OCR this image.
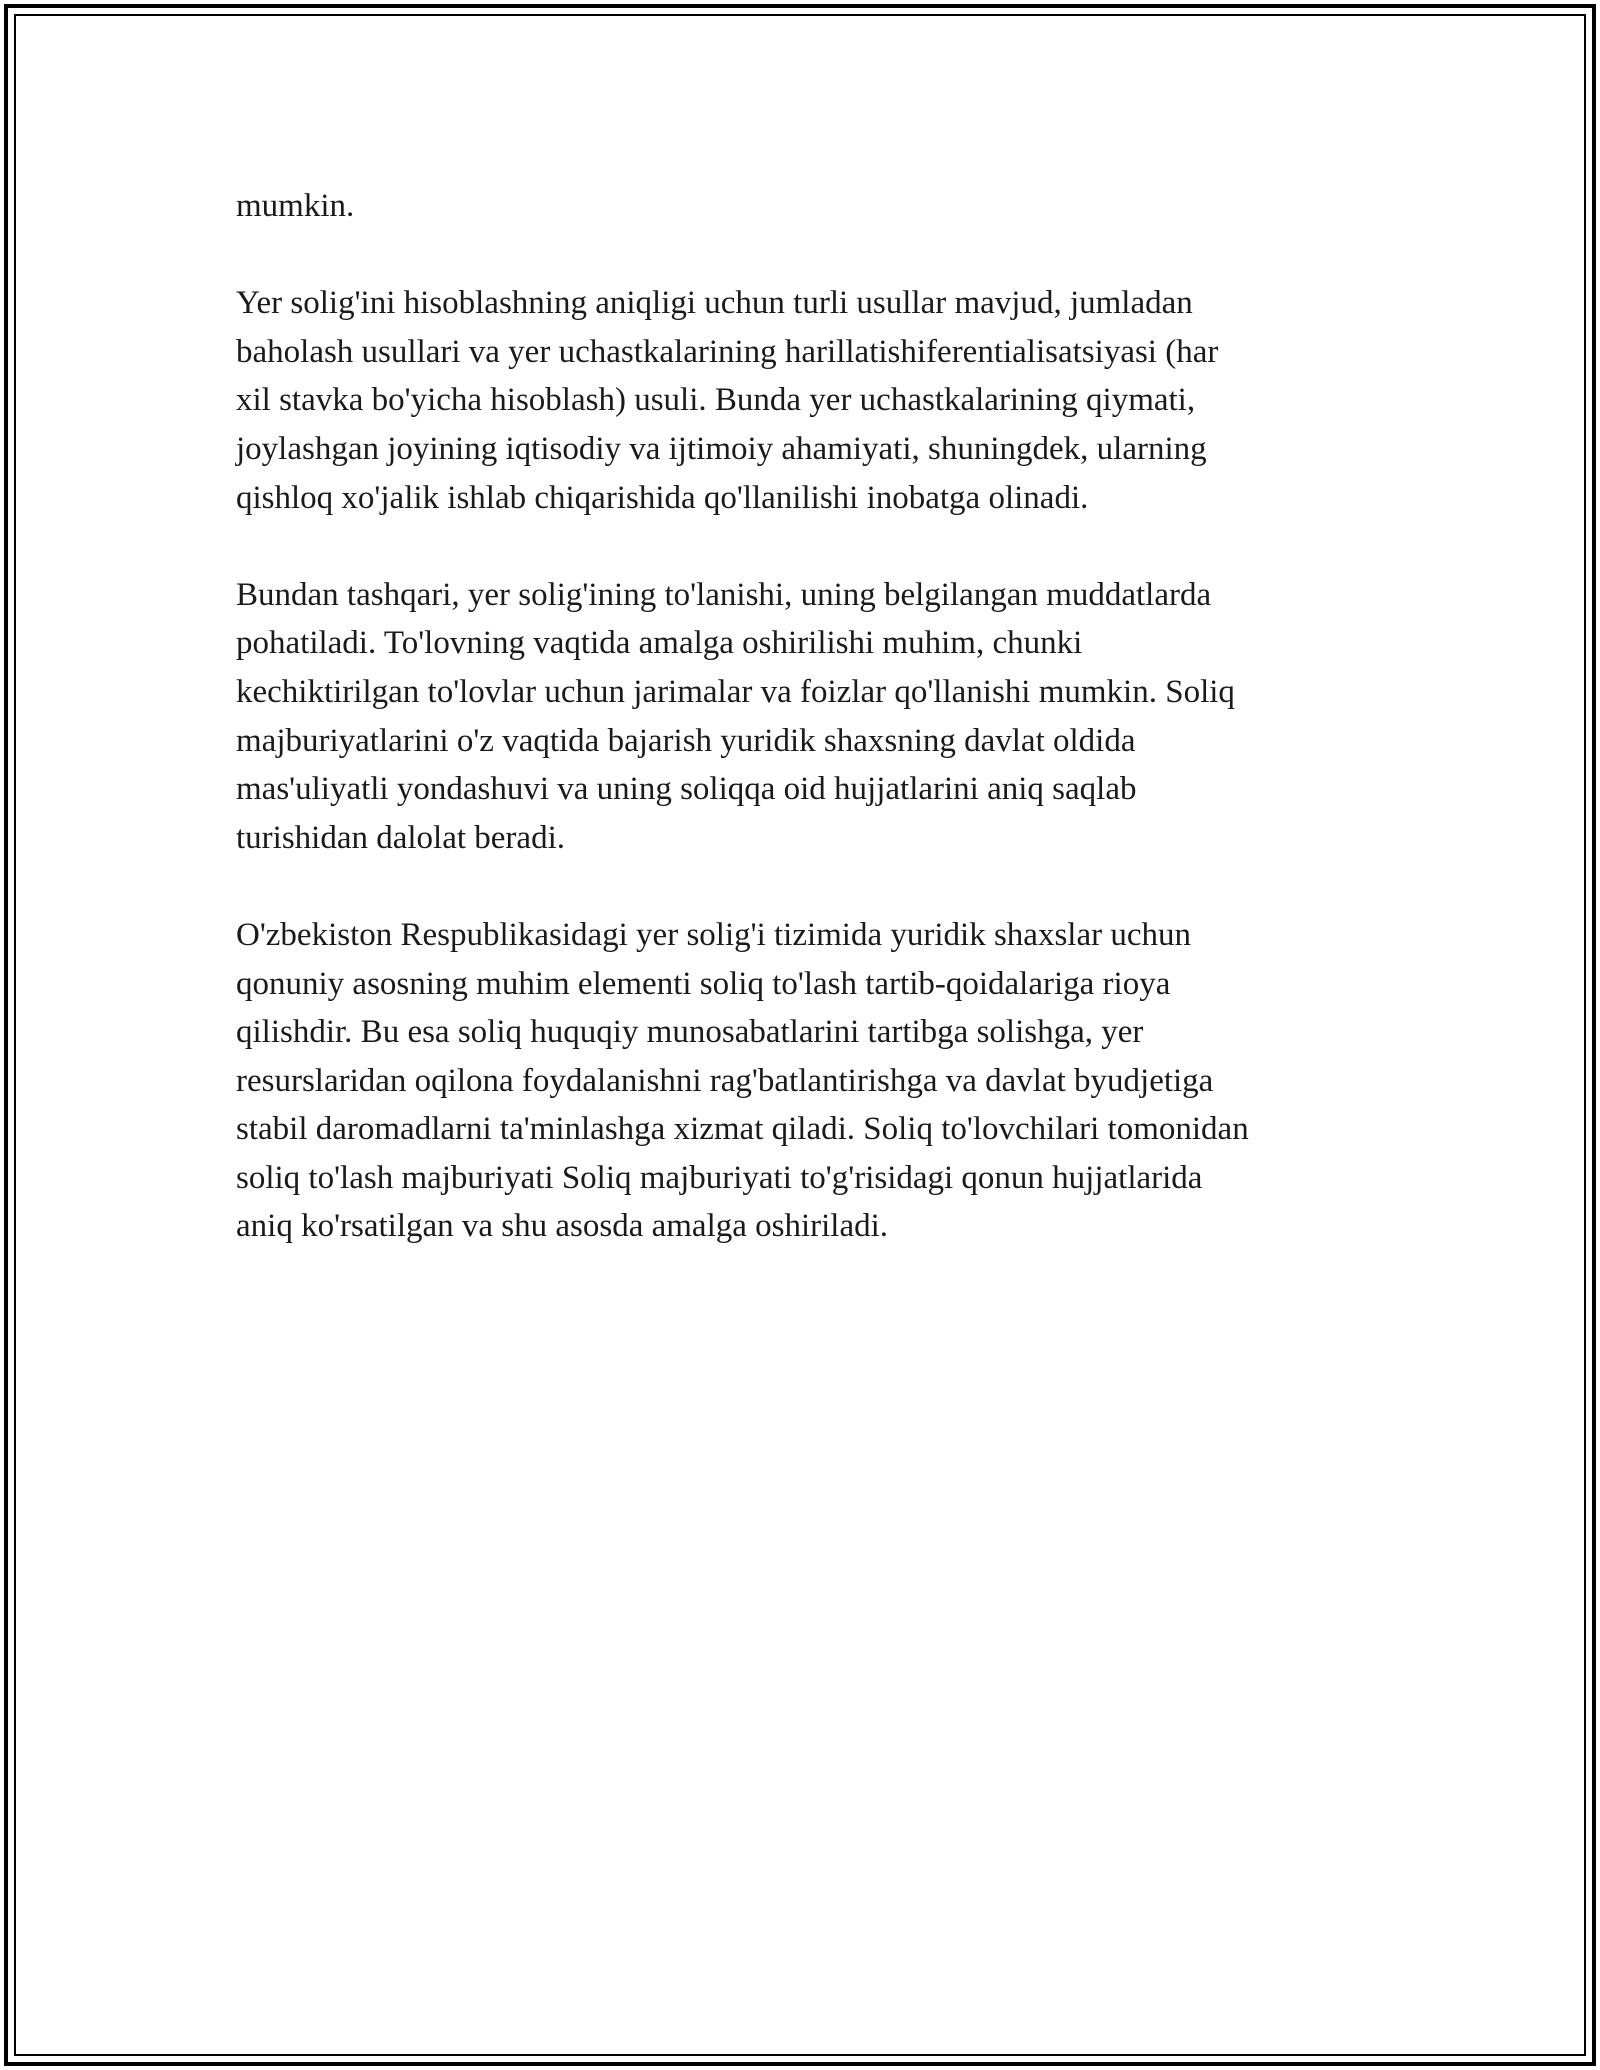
mumkin.

Yer solig'ini hisoblashning aniqligi uchun turli usullar mavjud, jumladan
baholash usullari va yer uchastkalarining harillatishiferentialisatsiyasi (har
xil stavka bo'yicha hisoblash) usuli. Bunda yer uchastkalarining qiymati,
joylashgan joyining iqtisodiy va ijtimoiy ahamiyati, shuningdek, ularning
qishloq xo'jalik ishlab chiqarishida qo'llanilishi inobatga olinadi.

Bundan tashqari, yer solig'ining to'lanishi, uning belgilangan muddatlarda
pohatiladi. To'lovning vaqtida amalga oshirilishi muhim, chunki
kechiktirilgan to'lovlar uchun jarimalar va foizlar qo'llanishi mumkin. Soliq
majburiyatlarini o'z vaqtida bajarish yuridik shaxsning davlat oldida
mas'uliyatli yondashuvi va uning soliqqa oid hujjatlarini aniq saqlab
turishidan dalolat beradi.

O'zbekiston Respublikasidagi yer solig'i tizimida yuridik shaxslar uchun
qonuniy asosning muhim elementi soliq to'lash tartib-qoidalariga rioya
qilishdir. Bu esa soliq huquqiy munosabatlarini tartibga solishga, yer
resurslaridan oqilona foydalanishni rag'batlantirishga va davlat byudjetiga
stabil daromadlarni ta'minlashga xizmat qiladi. Soliq to'lovchilari tomonidan
soliq to'lash majburiyati Soliq majburiyati to'g'risidagi qonun hujjatlarida
aniq ko'rsatilgan va shu asosda amalga oshiriladi.
